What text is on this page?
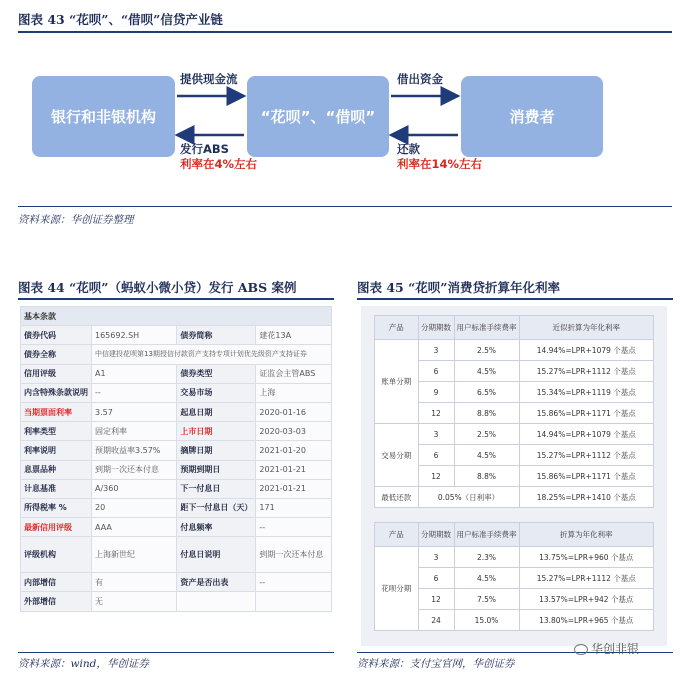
图表 43 “花呗”、“借呗”信贷产业链
银行和非银机构	“花呗”、“借呗”	消费者
提供现金流
发行ABS
利率在4%左右
借出资金
还款
利率在14%左右
资料来源：华创证券整理
图表 44 “花呗”（蚂蚁小微小贷）发行 ABS 案例
基本条款			
债券代码	165692.SH	债券简称	建花13A
债券全称	中信建投花呗第13期授信付款资产支持专项计划优先级资产支持证券		
信用评级	A1	债券类型	证监会主管ABS
内含特殊条款说明	--	交易市场	上海
当期票面利率	3.57	起息日期	2020-01-16
利率类型	固定利率	上市日期	2020-03-03
利率说明	预期收益率3.57%	摘牌日期	2021-01-20
息票品种	到期一次还本付息	预期到期日	2021-01-21
计息基准	A/360	下一付息日	2021-01-21
所得税率 %	20	距下一付息日（天）	171
最新信用评级	AAA	付息频率	--
评级机构	上海新世纪	付息日说明	到期一次还本付息
内部增信	有	资产是否出表	--
外部增信	无		
资料来源：wind，华创证券
图表 45 “花呗”消费贷折算年化利率
产品	分期期数	用户标准手续费率	近似折算为年化利率
账单分期	3	2.5%	14.94%=LPR+1079 个基点
	6	4.5%	15.27%=LPR+1112 个基点
	9	6.5%	15.34%=LPR+1119 个基点
	12	8.8%	15.86%=LPR+1171 个基点
交易分期	3	2.5%	14.94%=LPR+1079 个基点
	6	4.5%	15.27%=LPR+1112 个基点
	12	8.8%	15.86%=LPR+1171 个基点
最低还款	0.05%（日利率）		18.25%=LPR+1410 个基点
产品	分期期数	用户标准手续费率	折算为年化利率
花呗分期	3	2.3%	13.75%=LPR+960 个基点
	6	4.5%	15.27%=LPR+1112 个基点
	12	7.5%	13.57%=LPR+942 个基点
	24	15.0%	13.80%=LPR+965 个基点
资料来源：支付宝官网，华创证券
华创非银
